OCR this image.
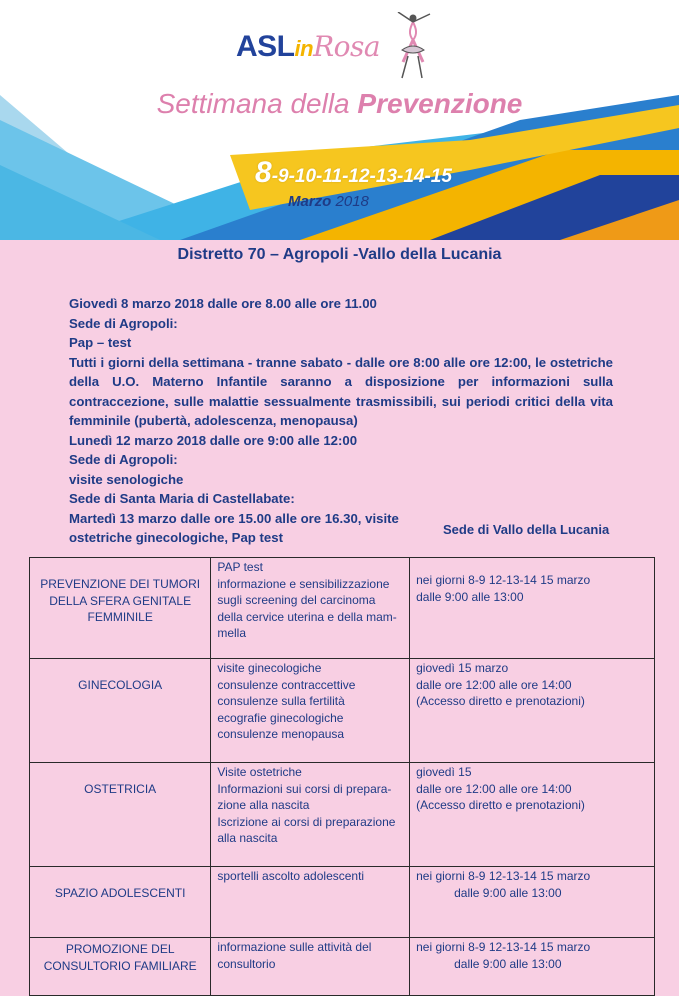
ASLinRosa
Settimana della Prevenzione
8-9-10-11-12-13-14-15
Marzo 2018
Distretto 70 – Agropoli -Vallo della Lucania

Giovedì 8 marzo 2018 dalle ore 8.00 alle ore 11.00

Sede di Agropoli:

Pap – test

Tutti i giorni della settimana - tranne sabato - dalle ore 8:00 alle ore 12:00, le ostetriche della U.O. Materno Infantile saranno a disposizione per informazioni sulla contraccezione, sulle malattie sessualmente trasmissibili, sui periodi critici della vita femminile (pubertà, adolescenza, menopausa)

Lunedì 12 marzo 2018 dalle ore 9:00 alle 12:00

Sede di Agropoli:

visite senologiche

Sede di Santa Maria di Castellabate:

Martedì 13 marzo dalle ore 15.00 alle ore 16.30, visite

ostetriche ginecologiche, Pap test

Sede di Vallo della Lucania
PREVENZIONE DEI TUMORI
DELLA SFERA GENITALE
FEMMINILE	PAP test
informazione e sensibilizzazione
sugli screening del carcinoma
della cervice uterina e della mam-
mella	nei giorni 8-9 12-13-14 15 marzo
dalle 9:00 alle 13:00

GINECOLOGIA	visite ginecologiche
consulenze contraccettive
consulenze sulla fertilità
ecografie ginecologiche
consulenze menopausa	giovedì 15 marzo
dalle ore 12:00 alle ore 14:00
(Accesso diretto e prenotazioni)

OSTETRICIA	Visite ostetriche
Informazioni sui corsi di prepara-
zione alla nascita
Iscrizione ai corsi di preparazione
alla nascita	giovedì 15
dalle ore 12:00 alle ore 14:00
(Accesso diretto e prenotazioni)

SPAZIO ADOLESCENTI	sportelli ascolto adolescenti	nei giorni 8-9 12-13-14 15 marzo
dalle 9:00 alle 13:00

PROMOZIONE DEL
CONSULTORIO FAMILIARE	informazione sulle attività del
consultorio	nei giorni 8-9 12-13-14 15 marzo
dalle 9:00 alle 13:00
